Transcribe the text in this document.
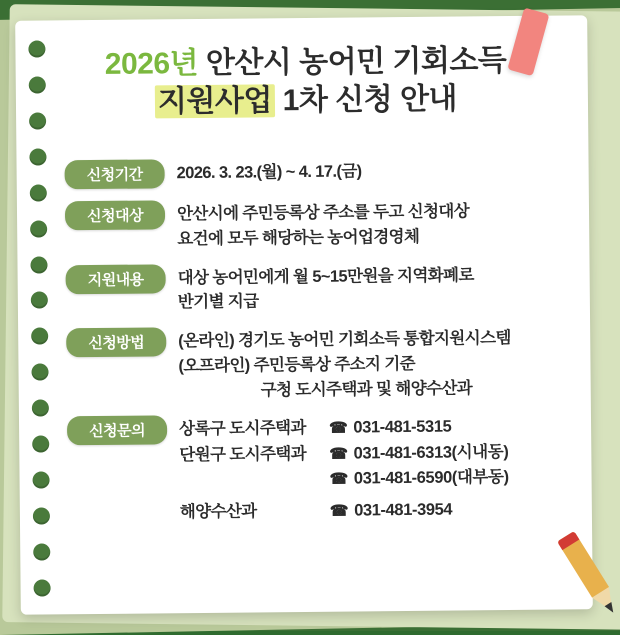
2026년 안산시 농어민 기회소득
지원사업 1차 신청 안내
신청기간	2026. 3. 23.(월) ~ 4. 17.(금)
신청대상	안산시에 주민등록상 주소를 두고 신청대상
요건에 모두 해당하는 농어업경영체
지원내용	대상 농어민에게 월 5~15만원을 지역화폐로
반기별 지급
신청방법	(온라인) 경기도 농어민 기회소득 통합지원시스템
(오프라인) 주민등록상 주소지 기준
구청 도시주택과 및 해양수산과
신청문의	상록구 도시주택과	☎ 031-481-5315
단원구 도시주택과	☎ 031-481-6313(시내동)
☎ 031-481-6590(대부동)
해양수산과	☎ 031-481-3954
